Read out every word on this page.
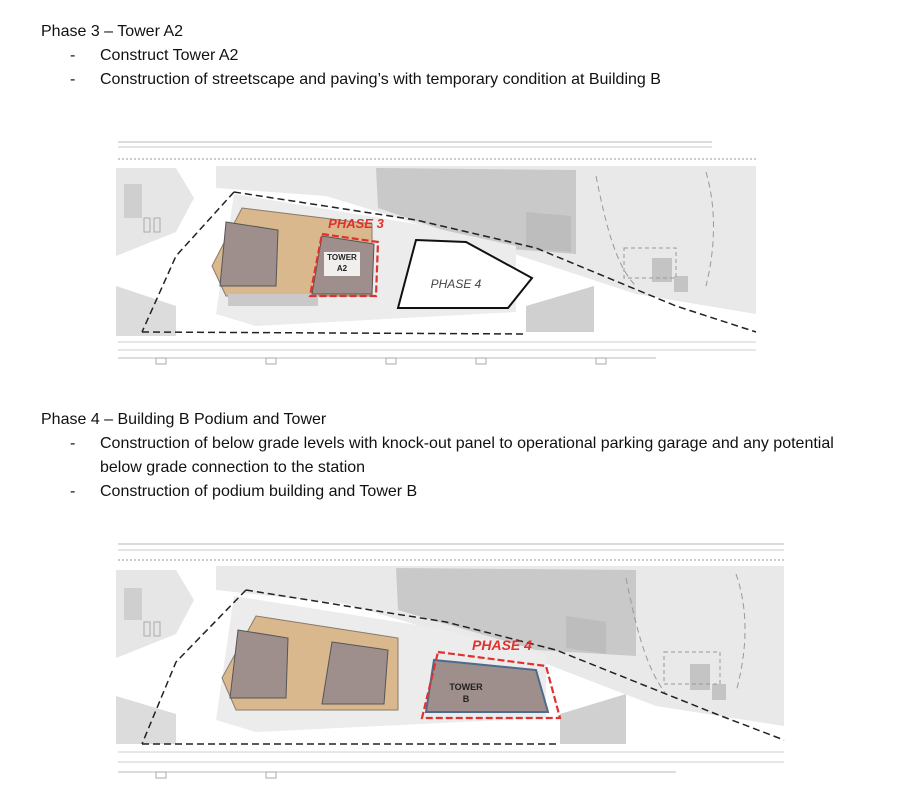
Phase 3 – Tower A2
-	Construct Tower A2
-	Construction of streetscape and paving’s with temporary condition at Building B
TOWER
A2
PHASE 3
PHASE 4
Phase 4 – Building B Podium and Tower
-	Construction of below grade levels with knock-out panel to operational parking garage and any potential below grade connection to the station
-	Construction of podium building and Tower B
TOWER
B
PHASE 4
